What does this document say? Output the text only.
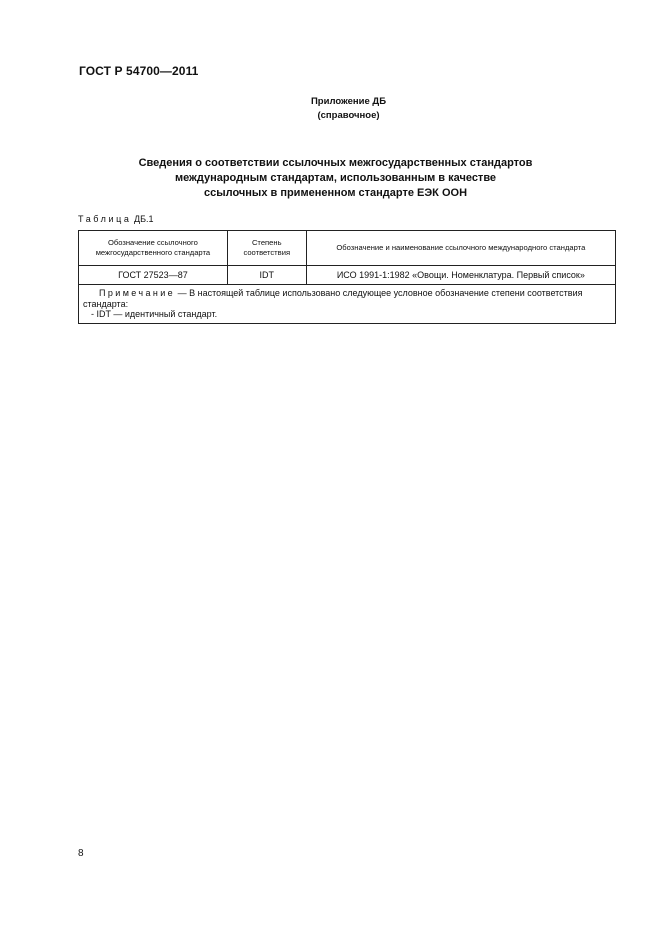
ГОСТ Р 54700—2011
Приложение ДБ
(справочное)
Сведения о соответствии ссылочных межгосударственных стандартов
международным стандартам, использованным в качестве
ссылочных в примененном стандарте ЕЭК ООН
Таблица ДБ.1
Обозначение ссылочного межгосударственного стандарта	Степень соответствия	Обозначение и наименование ссылочного международного стандарта
ГОСТ 27523—87	IDT	ИСО 1991-1:1982 «Овощи. Номенклатура. Первый список»

Примечание — В настоящей таблице использовано следующее условное обозначение степени соответствия стандарта:
- IDT — идентичный стандарт.		
8
